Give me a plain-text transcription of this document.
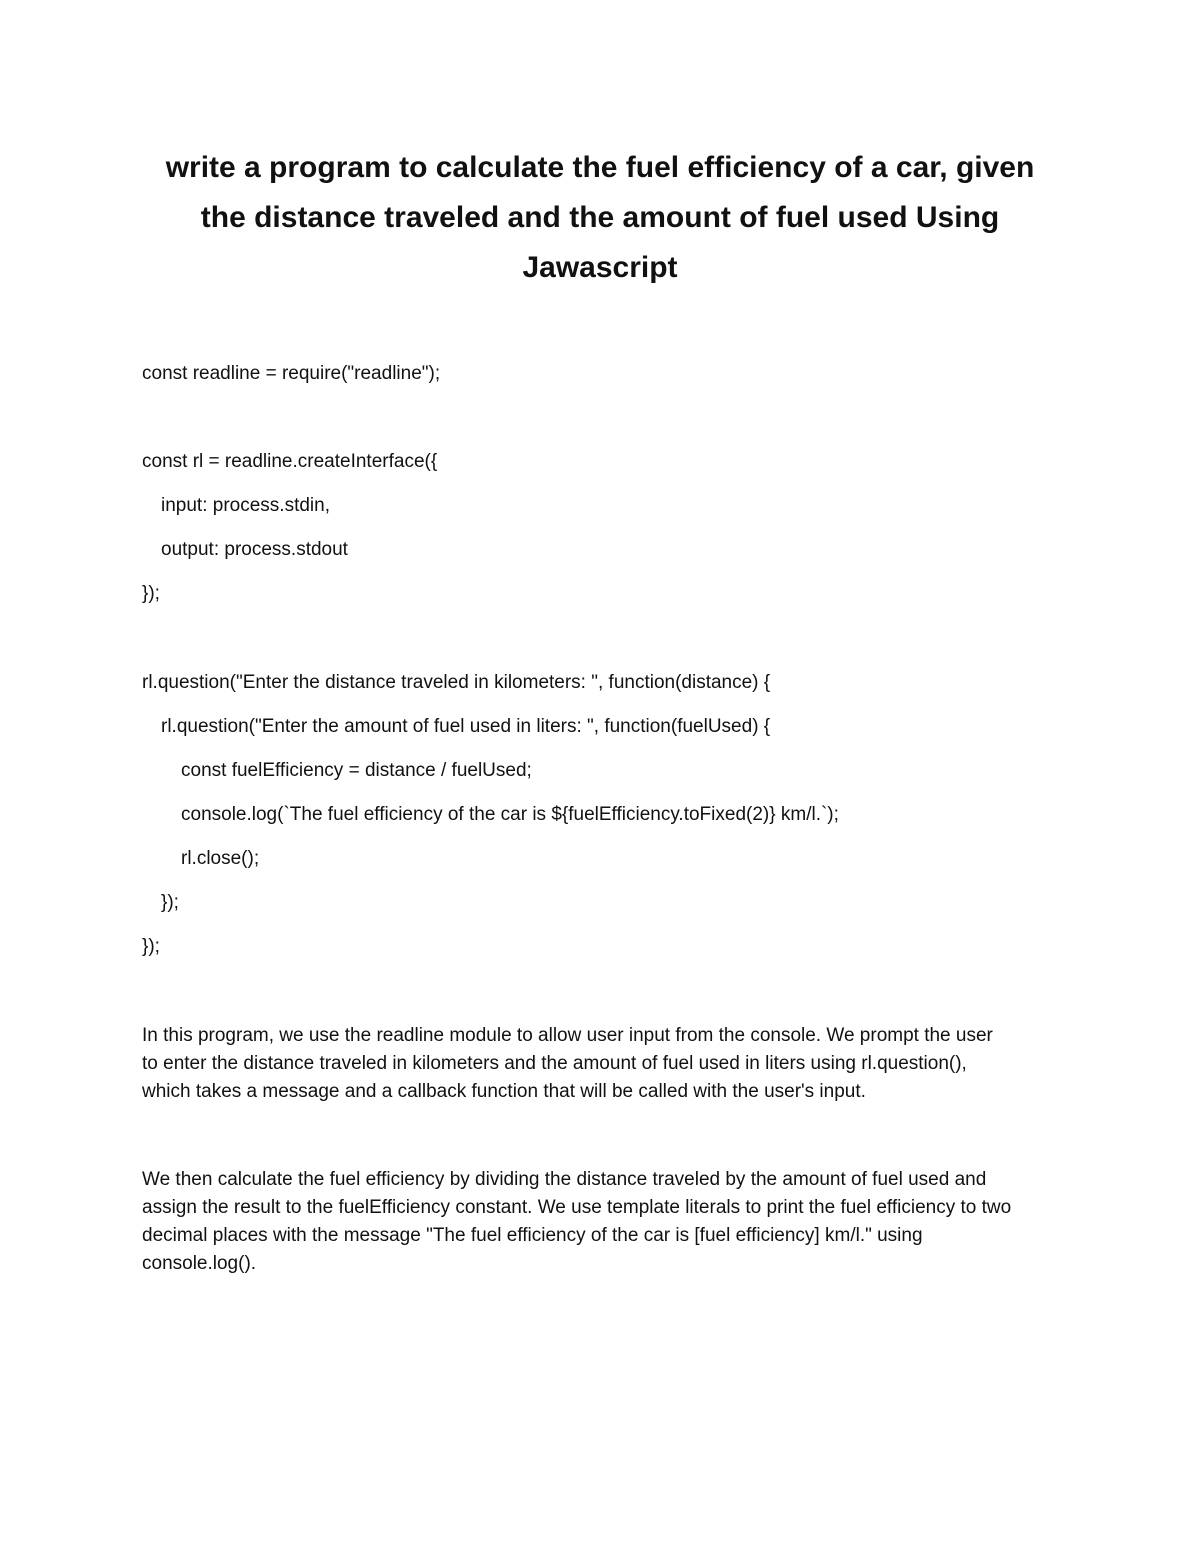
write a program to calculate the fuel efficiency of a car, given
the distance traveled and the amount of fuel used Using
Jawascript
const readline = require("readline");
const rl = readline.createInterface({
input: process.stdin,
output: process.stdout
});
rl.question("Enter the distance traveled in kilometers: ", function(distance) {
rl.question("Enter the amount of fuel used in liters: ", function(fuelUsed) {
const fuelEfficiency = distance / fuelUsed;
console.log(`The fuel efficiency of the car is ${fuelEfficiency.toFixed(2)} km/l.`);
rl.close();
});
});
In this program, we use the readline module to allow user input from the console. We prompt the user
to enter the distance traveled in kilometers and the amount of fuel used in liters using rl.question(),
which takes a message and a callback function that will be called with the user's input.
We then calculate the fuel efficiency by dividing the distance traveled by the amount of fuel used and
assign the result to the fuelEfficiency constant. We use template literals to print the fuel efficiency to two
decimal places with the message "The fuel efficiency of the car is [fuel efficiency] km/l." using
console.log().
